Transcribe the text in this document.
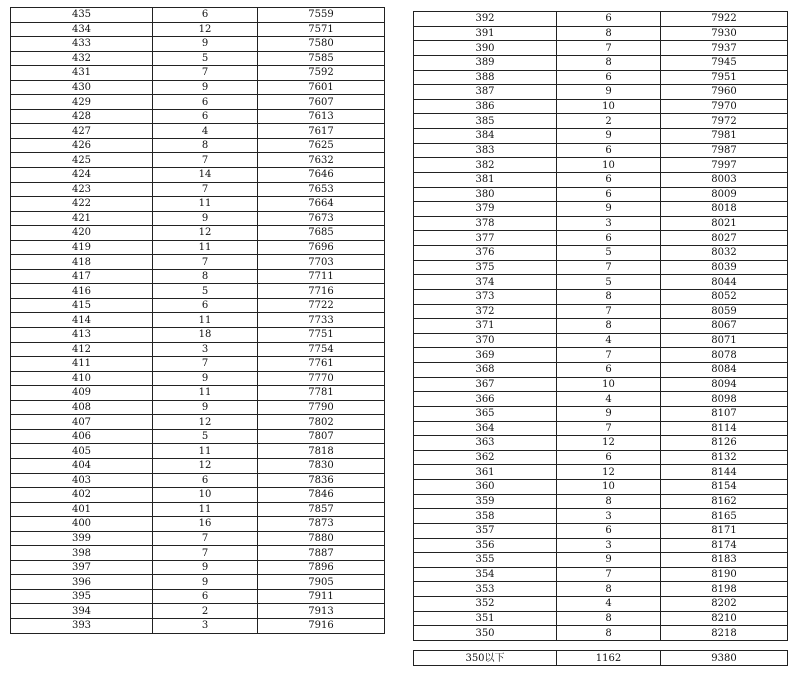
435	6	7559
434	12	7571
433	9	7580
432	5	7585
431	7	7592
430	9	7601
429	6	7607
428	6	7613
427	4	7617
426	8	7625
425	7	7632
424	14	7646
423	7	7653
422	11	7664
421	9	7673
420	12	7685
419	11	7696
418	7	7703
417	8	7711
416	5	7716
415	6	7722
414	11	7733
413	18	7751
412	3	7754
411	7	7761
410	9	7770
409	11	7781
408	9	7790
407	12	7802
406	5	7807
405	11	7818
404	12	7830
403	6	7836
402	10	7846
401	11	7857
400	16	7873
399	7	7880
398	7	7887
397	9	7896
396	9	7905
395	6	7911
394	2	7913
393	3	7916
392	6	7922
391	8	7930
390	7	7937
389	8	7945
388	6	7951
387	9	7960
386	10	7970
385	2	7972
384	9	7981
383	6	7987
382	10	7997
381	6	8003
380	6	8009
379	9	8018
378	3	8021
377	6	8027
376	5	8032
375	7	8039
374	5	8044
373	8	8052
372	7	8059
371	8	8067
370	4	8071
369	7	8078
368	6	8084
367	10	8094
366	4	8098
365	9	8107
364	7	8114
363	12	8126
362	6	8132
361	12	8144
360	10	8154
359	8	8162
358	3	8165
357	6	8171
356	3	8174
355	9	8183
354	7	8190
353	8	8198
352	4	8202
351	8	8210
350	8	8218
350以下	1162	9380
